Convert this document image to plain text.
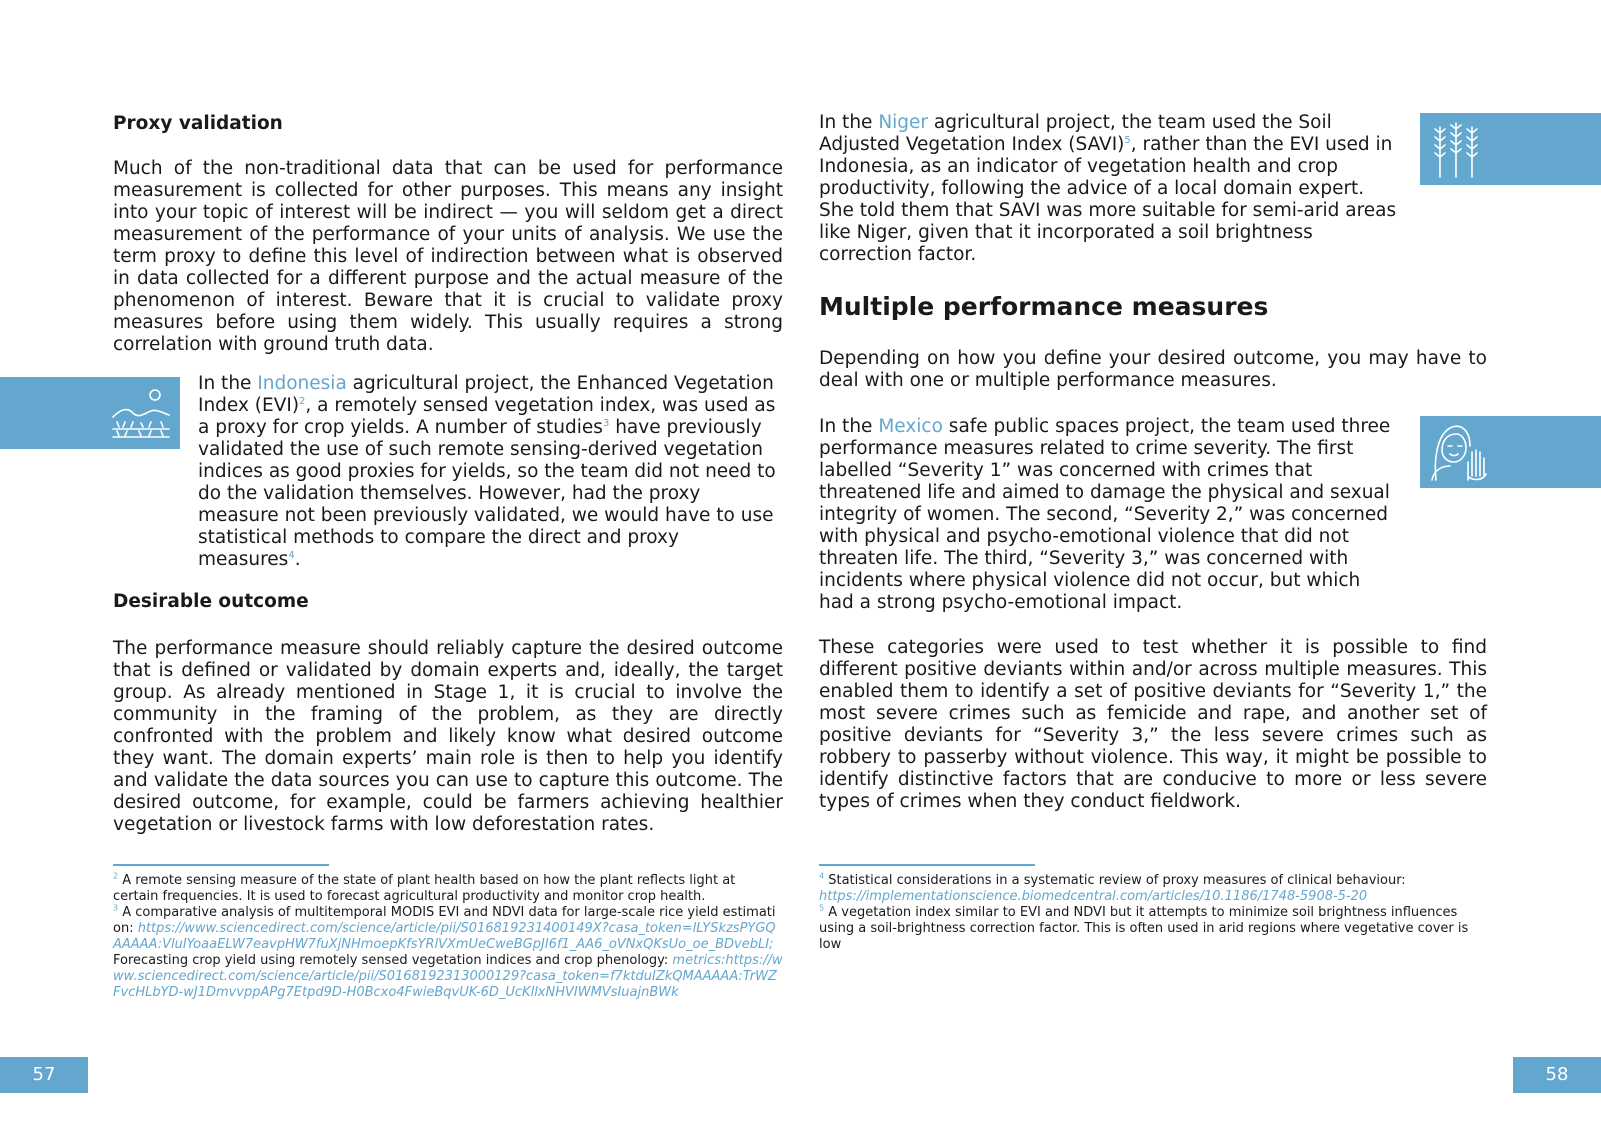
Proxy validation
Much of the non-traditional data that can be used for performance measurement is collected for other purposes. This means any insight into your topic of interest will be indirect — you will seldom get a direct measurement of the performance of your units of analysis. We use the term proxy to define this level of indirection between what is observed in data collected for a different purpose and the actual measure of the phenomenon of interest. Beware that it is crucial to validate proxy measures before using them widely. This usually requires a strong correlation with ground truth data.
In the Indonesia agricultural project, the Enhanced Vegetation Index (EVI)$^2$, a remotely sensed vegetation index, was used as a proxy for crop yields. A number of studies$^3$ have previously validated the use of such remote sensing-derived vegetation indices as good proxies for yields, so the team did not need to do the validation themselves. However, had the proxy measure not been previously validated, we would have to use statistical methods to compare the direct and proxy measures$^4$.
Desirable outcome
The performance measure should reliably capture the desired outcome that is defined or validated by domain experts and, ideally, the target group. As already mentioned in Stage 1, it is crucial to involve the community in the framing of the problem, as they are directly confronted with the problem and likely know what desired outcome they want. The domain experts’ main role is then to help you identify and validate the data sources you can use to capture this outcome. The desired outcome, for example, could be farmers achieving healthier vegetation or livestock farms with low deforestation rates.
$^2$ A remote sensing measure of the state of plant health based on how the plant reflects light at certain frequencies. It is used to forecast agricultural productivity and monitor crop health.
$^3$ A comparative analysis of multitemporal MODIS EVI and NDVI data for large-scale rice yield estimation: https://www.sciencedirect.com/science/article/pii/S016819231400149X?casa_token=lLYSkzsPYGQAAAAA:VluIYoaaELW7eavpHW7fuXjNHmoepKfsYRlVXmUeCweBGpJI6f1_AA6_oVNxQKsUo_oe_BDvebLI; Forecasting crop yield using remotely sensed vegetation indices and crop phenology: metrics:https://www.sciencedirect.com/science/article/pii/S0168192313000129?casa_token=f7ktduIZkQMAAAAA:TrWZFvcHLbYD-wJ1DmvvppAPg7Etpd9D-H0Bcxo4FwieBqvUK-6D_UcKllxNHVIWMVsIuajnBWk
57
In the Niger agricultural project, the team used the Soil Adjusted Vegetation Index (SAVI)$^5$, rather than the EVI used in Indonesia, as an indicator of vegetation health and crop productivity, following the advice of a local domain expert. She told them that SAVI was more suitable for semi-arid areas like Niger, given that it incorporated a soil brightness correction factor.
Multiple performance measures
Depending on how you define your desired outcome, you may have to deal with one or multiple performance measures.
In the Mexico safe public spaces project, the team used three performance measures related to crime severity. The first labelled “Severity 1” was concerned with crimes that threatened life and aimed to damage the physical and sexual integrity of women. The second, “Severity 2,” was concerned with physical and psycho-emotional violence that did not threaten life. The third, “Severity 3,” was concerned with incidents where physical violence did not occur, but which had a strong psycho-emotional impact.
These categories were used to test whether it is possible to find different positive deviants within and/or across multiple measures. This enabled them to identify a set of positive deviants for “Severity 1,” the most severe crimes such as femicide and rape, and another set of positive deviants for “Severity 3,” the less severe crimes such as robbery to passerby without violence. This way, it might be possible to identify distinctive factors that are conducive to more or less severe types of crimes when they conduct fieldwork.
$^4$ Statistical considerations in a systematic review of proxy measures of clinical behaviour:
https://implementationscience.biomedcentral.com/articles/10.1186/1748-5908-5-20
$^5$ A vegetation index similar to EVI and NDVI but it attempts to minimize soil brightness influences using a soil-brightness correction factor. This is often used in arid regions where vegetative cover is low
58
